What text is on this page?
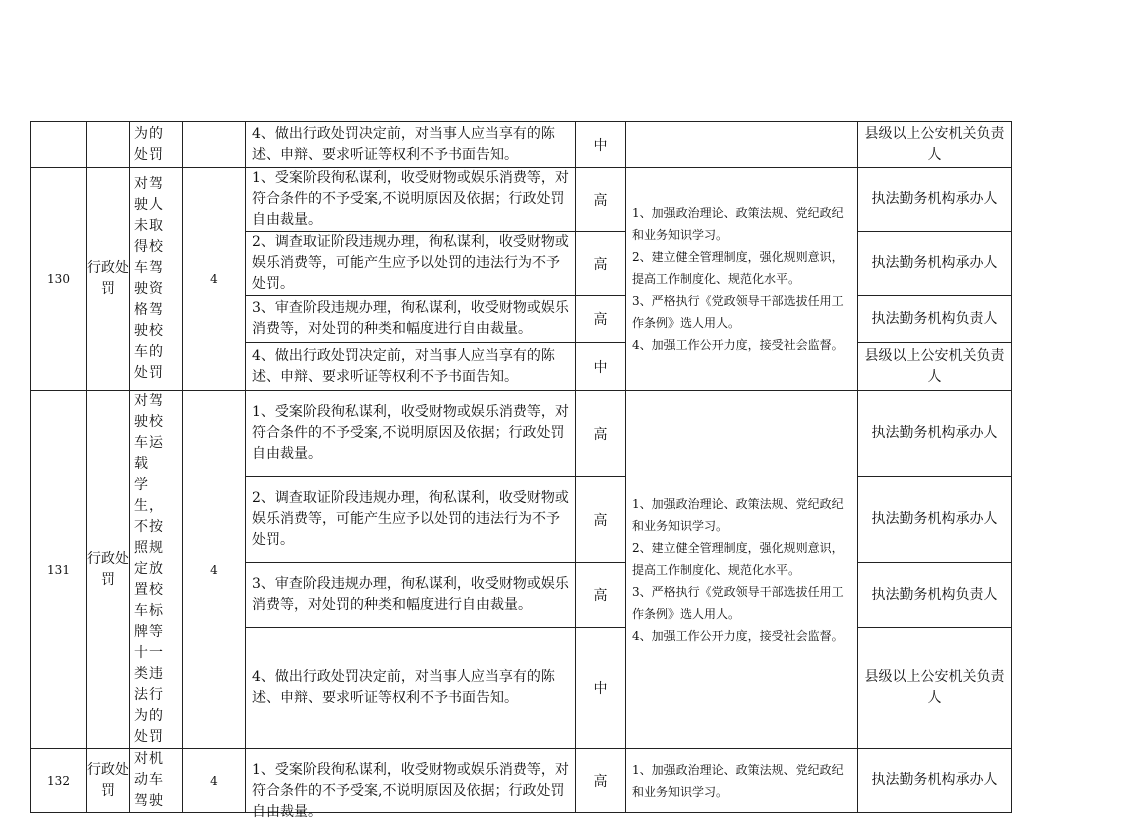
		为的处罚		4、做出行政处罚决定前，对当事人应当享有的陈述、申辩、要求听证等权利不予书面告知。	中		县级以上公安机关负责人
130	行政处罚	对驾驶人未取得校车驾驶资格驾驶校车的处罚	4	1、受案阶段徇私谋利，收受财物或娱乐消费等，对符合条件的不予受案,不说明原因及依据；行政处罚自由裁量。	高	1、加强政治理论、政策法规、党纪政纪和业务知识学习。
2、建立健全管理制度，强化规则意识，提高工作制度化、规范化水平。
3、严格执行《党政领导干部选拔任用工作条例》选人用人。
4、加强工作公开力度，接受社会监督。	执法勤务机构承办人
				2、调查取证阶段违规办理，徇私谋利，收受财物或娱乐消费等，可能产生应予以处罚的违法行为不予处罚。	高		执法勤务机构承办人
				3、审查阶段违规办理，徇私谋利，收受财物或娱乐消费等，对处罚的种类和幅度进行自由裁量。	高		执法勤务机构负责人
				4、做出行政处罚决定前，对当事人应当享有的陈述、申辩、要求听证等权利不予书面告知。	中		县级以上公安机关负责人
131	行政处罚	对驾驶校车运载　学生，不按照规定放置校车标牌等十一类违法行为的处罚	4	1、受案阶段徇私谋利，收受财物或娱乐消费等，对符合条件的不予受案,不说明原因及依据；行政处罚自由裁量。	高	1、加强政治理论、政策法规、党纪政纪和业务知识学习。
2、建立健全管理制度，强化规则意识，提高工作制度化、规范化水平。
3、严格执行《党政领导干部选拔任用工作条例》选人用人。
4、加强工作公开力度，接受社会监督。	执法勤务机构承办人
				2、调查取证阶段违规办理，徇私谋利，收受财物或娱乐消费等，可能产生应予以处罚的违法行为不予处罚。	高		执法勤务机构承办人
				3、审查阶段违规办理，徇私谋利，收受财物或娱乐消费等，对处罚的种类和幅度进行自由裁量。	高		执法勤务机构负责人
				4、做出行政处罚决定前，对当事人应当享有的陈述、申辩、要求听证等权利不予书面告知。	中		县级以上公安机关负责人
132	行政处罚	对机动车驾驶	4	1、受案阶段徇私谋利，收受财物或娱乐消费等，对符合条件的不予受案,不说明原因及依据；行政处罚自由裁量。	高	1、加强政治理论、政策法规、党纪政纪和业务知识学习。	执法勤务机构承办人
